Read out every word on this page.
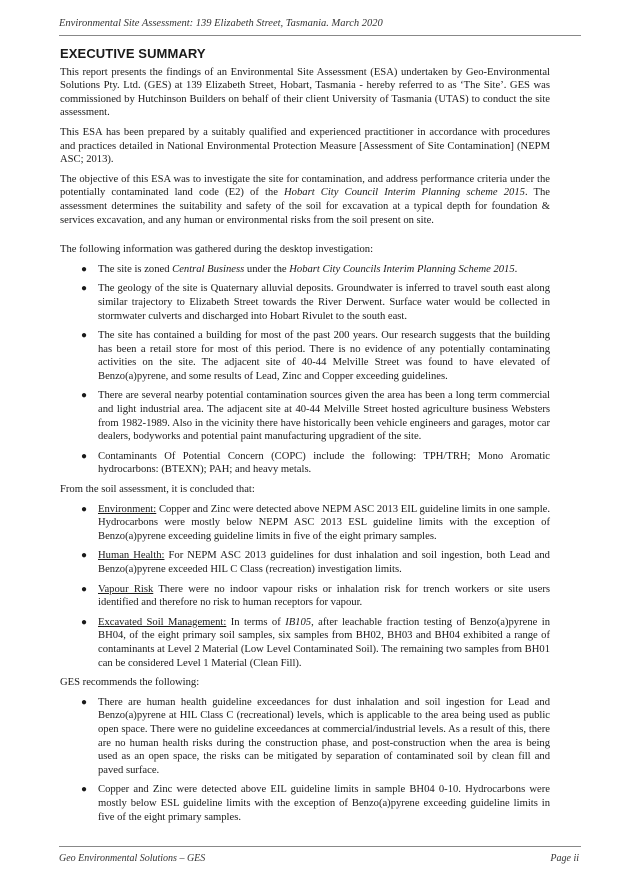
Environmental Site Assessment: 139 Elizabeth Street, Tasmania. March 2020
EXECUTIVE SUMMARY

This report presents the findings of an Environmental Site Assessment (ESA) undertaken by Geo-Environmental Solutions Pty. Ltd. (GES) at 139 Elizabeth Street, Hobart, Tasmania - hereby referred to as ‘The Site’. GES was commissioned by Hutchinson Builders on behalf of their client University of Tasmania (UTAS) to conduct the site assessment.

This ESA has been prepared by a suitably qualified and experienced practitioner in accordance with procedures and practices detailed in National Environmental Protection Measure [Assessment of Site Contamination] (NEPM ASC; 2013).

The objective of this ESA was to investigate the site for contamination, and address performance criteria under the potentially contaminated land code (E2) of the Hobart City Council Interim Planning scheme 2015. The assessment determines the suitability and safety of the soil for excavation at a typical depth for foundation & services excavation, and any human or environmental risks from the soil present on site.

The following information was gathered during the desktop investigation:

● The site is zoned Central Business under the Hobart City Councils Interim Planning Scheme 2015.
● The geology of the site is Quaternary alluvial deposits. Groundwater is inferred to travel south east along similar trajectory to Elizabeth Street towards the River Derwent. Surface water would be collected in stormwater culverts and discharged into Hobart Rivulet to the south east.
● The site has contained a building for most of the past 200 years. Our research suggests that the building has been a retail store for most of this period. There is no evidence of any potentially contaminating activities on the site. The adjacent site of 40-44 Melville Street was found to have elevated of Benzo(a)pyrene, and some results of Lead, Zinc and Copper exceeding guidelines.
● There are several nearby potential contamination sources given the area has been a long term commercial and light industrial area. The adjacent site at 40-44 Melville Street hosted agriculture business Websters from 1982-1989. Also in the vicinity there have historically been vehicle engineers and garages, motor car dealers, bodyworks and potential paint manufacturing upgradient of the site.
● Contaminants Of Potential Concern (COPC) include the following: TPH/TRH; Mono Aromatic hydrocarbons: (BTEXN); PAH; and heavy metals.

From the soil assessment, it is concluded that:

● Environment: Copper and Zinc were detected above NEPM ASC 2013 EIL guideline limits in one sample. Hydrocarbons were mostly below NEPM ASC 2013 ESL guideline limits with the exception of Benzo(a)pyrene exceeding guideline limits in five of the eight primary samples.
● Human Health: For NEPM ASC 2013 guidelines for dust inhalation and soil ingestion, both Lead and Benzo(a)pyrene exceeded HIL C Class (recreation) investigation limits.
● Vapour Risk There were no indoor vapour risks or inhalation risk for trench workers or site users identified and therefore no risk to human receptors for vapour.
● Excavated Soil Management: In terms of IB105, after leachable fraction testing of Benzo(a)pyrene in BH04, of the eight primary soil samples, six samples from BH02, BH03 and BH04 exhibited a range of contaminants at Level 2 Material (Low Level Contaminated Soil). The remaining two samples from BH01 can be considered Level 1 Material (Clean Fill).

GES recommends the following:

● There are human health guideline exceedances for dust inhalation and soil ingestion for Lead and Benzo(a)pyrene at HIL Class C (recreational) levels, which is applicable to the area being used as public open space. There were no guideline exceedances at commercial/industrial levels. As a result of this, there are no human health risks during the construction phase, and post-construction when the area is being used as an open space, the risks can be mitigated by separation of contaminated soil by clean fill and paved surface.
● Copper and Zinc were detected above EIL guideline limits in sample BH04 0-10. Hydrocarbons were mostly below ESL guideline limits with the exception of Benzo(a)pyrene exceeding guideline limits in five of the eight primary samples.
Geo Environmental Solutions – GES	Page ii
